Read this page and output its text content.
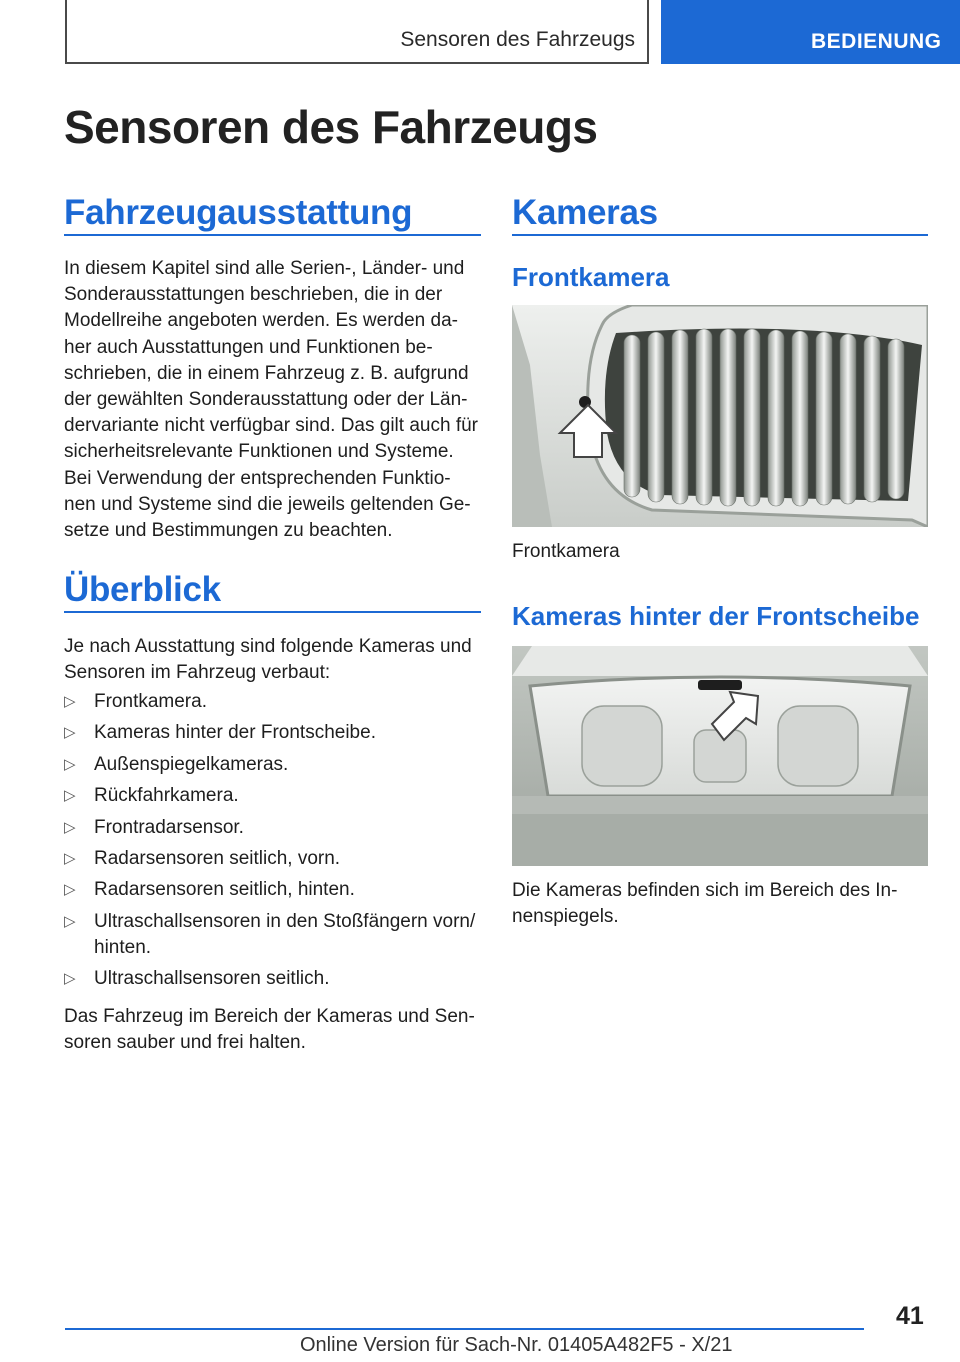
Sensoren des Fahrzeugs	BEDIENUNG
Sensoren des Fahrzeugs
Fahrzeugausstattung
In diesem Kapitel sind alle Serien-, Länder- und
Sonderausstattungen beschrieben, die in der
Modellreihe angeboten werden. Es werden da-
her auch Ausstattungen und Funktionen be-
schrieben, die in einem Fahrzeug z. B. aufgrund
der gewählten Sonderausstattung oder der Län-
dervariante nicht verfügbar sind. Das gilt auch für
sicherheitsrelevante Funktionen und Systeme.
Bei Verwendung der entsprechenden Funktio-
nen und Systeme sind die jeweils geltenden Ge-
setze und Bestimmungen zu beachten.
Überblick
Je nach Ausstattung sind folgende Kameras und
Sensoren im Fahrzeug verbaut:
▷ Frontkamera.
▷ Kameras hinter der Frontscheibe.
▷ Außenspiegelkameras.
▷ Rückfahrkamera.
▷ Frontradarsensor.
▷ Radarsensoren seitlich, vorn.
▷ Radarsensoren seitlich, hinten.
▷ Ultraschallsensoren in den Stoßfängern vorn/ hinten.
▷ Ultraschallsensoren seitlich.
Das Fahrzeug im Bereich der Kameras und Sen-
soren sauber und frei halten.
Kameras
Frontkamera
Frontkamera
Kameras hinter der Frontscheibe
Die Kameras befinden sich im Bereich des In-
nenspiegels.
41
Online Version für Sach-Nr. 01405A482F5 - X/21
